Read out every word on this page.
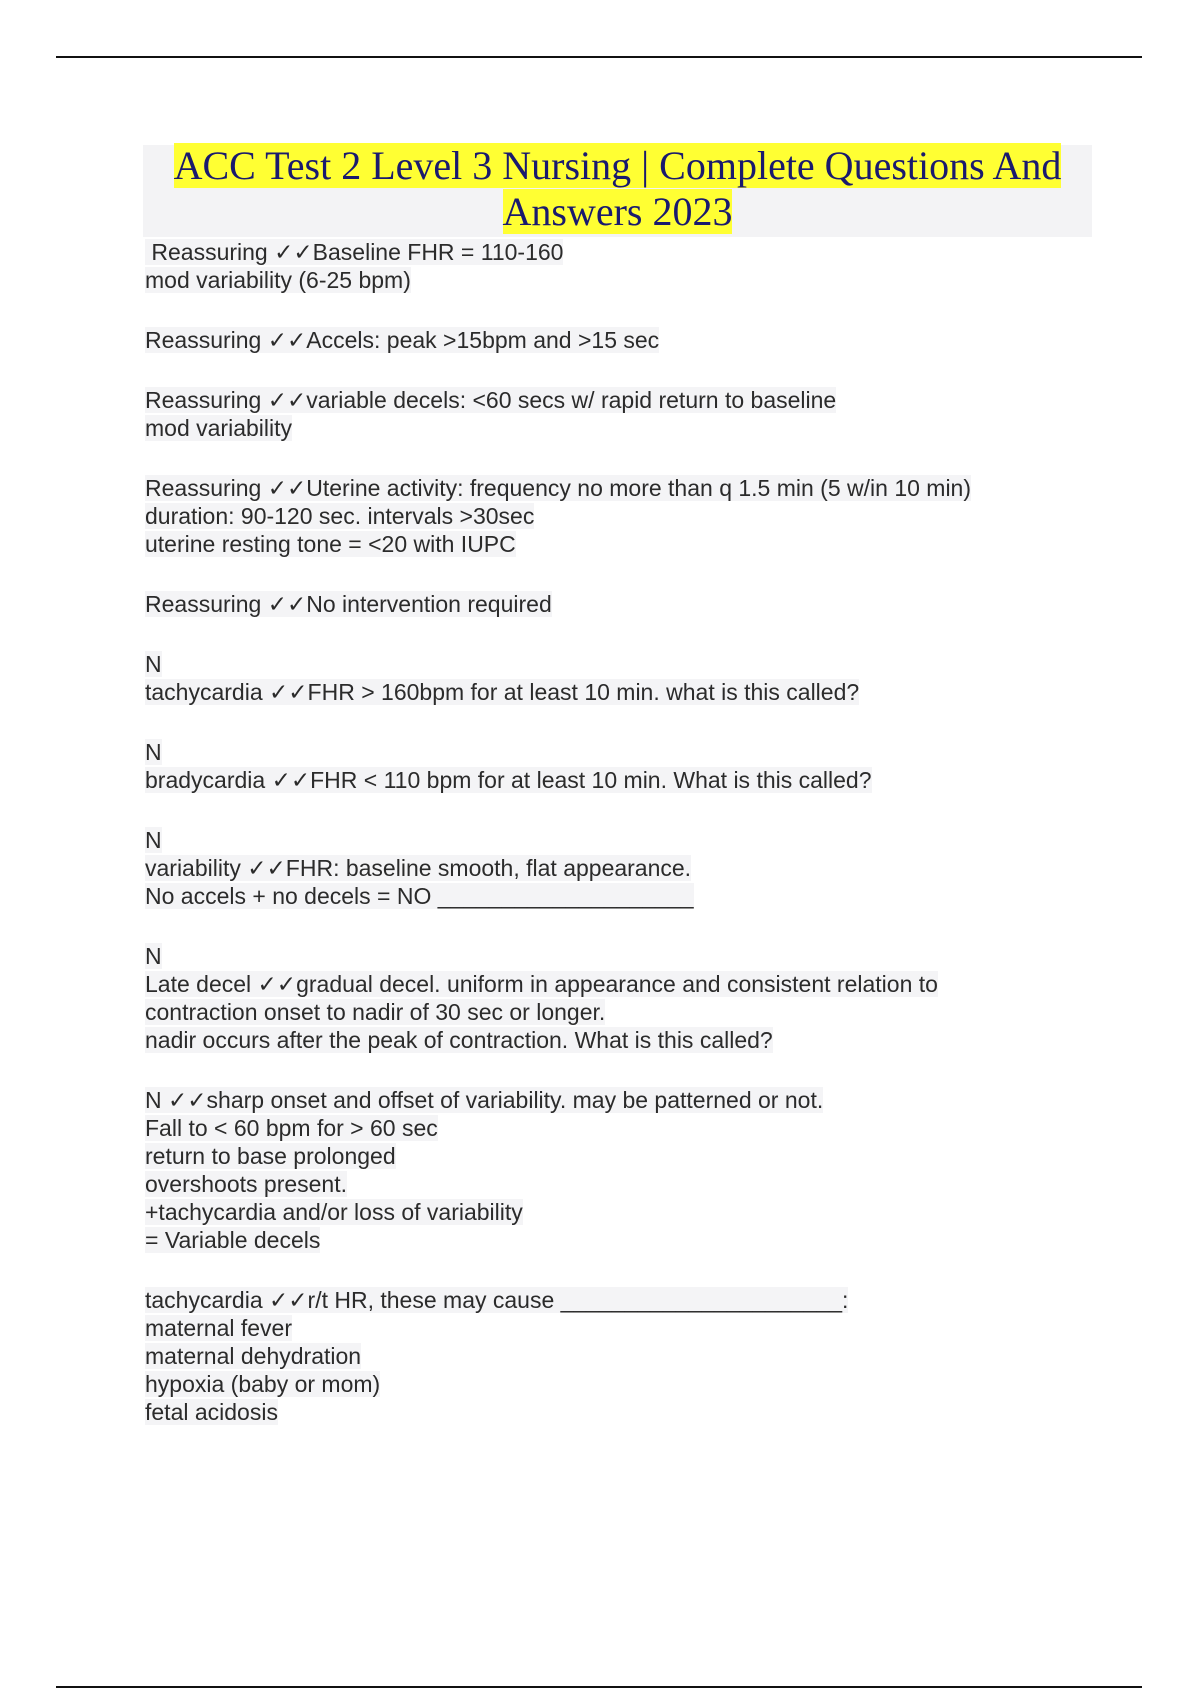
ACC Test 2 Level 3 Nursing | Complete Questions And
Answers 2023
Reassuring ✓✓Baseline FHR = 110-160
mod variability (6-25 bpm)
Reassuring ✓✓Accels: peak >15bpm and >15 sec
Reassuring ✓✓variable decels: <60 secs w/ rapid return to baseline
mod variability
Reassuring ✓✓Uterine activity: frequency no more than q 1.5 min (5 w/in 10 min)
duration: 90-120 sec. intervals >30sec
uterine resting tone = <20 with IUPC
Reassuring ✓✓No intervention required
N
tachycardia ✓✓FHR > 160bpm for at least 10 min. what is this called?
N
bradycardia ✓✓FHR < 110 bpm for at least 10 min. What is this called?
N
variability ✓✓FHR: baseline smooth, flat appearance.
No accels + no decels = NO ____________________
N
Late decel ✓✓gradual decel. uniform in appearance and consistent relation to
contraction onset to nadir of 30 sec or longer.
nadir occurs after the peak of contraction. What is this called?
N ✓✓sharp onset and offset of variability. may be patterned or not.
Fall to < 60 bpm for > 60 sec
return to base prolonged
overshoots present.
+tachycardia and/or loss of variability
= Variable decels
tachycardia ✓✓r/t HR, these may cause ______________________:
maternal fever
maternal dehydration
hypoxia (baby or mom)
fetal acidosis
